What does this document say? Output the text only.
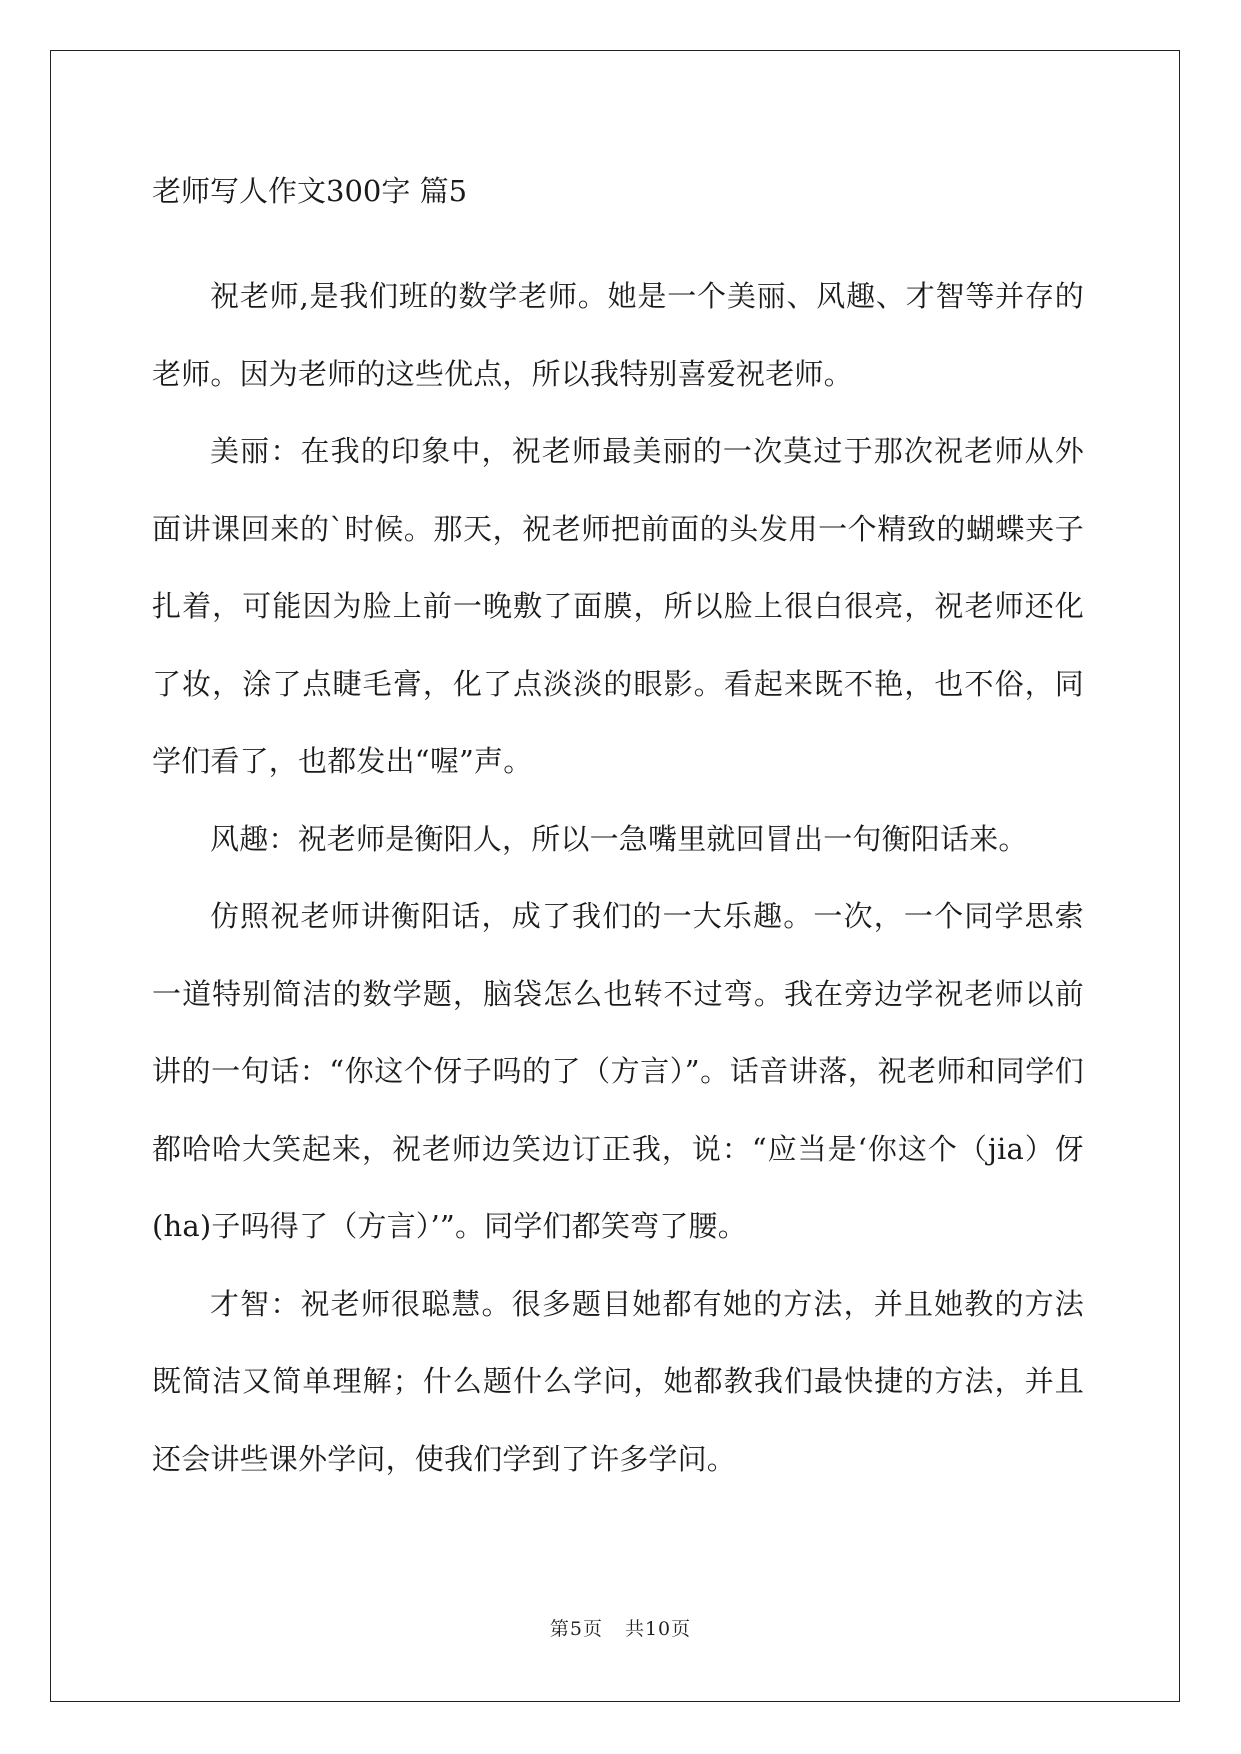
老师写人作文300字 篇5

祝老师,是我们班的数学老师。她是一个美丽、风趣、才智等并存的老师。因为老师的这些优点，所以我特别喜爱祝老师。

美丽：在我的印象中，祝老师最美丽的一次莫过于那次祝老师从外面讲课回来的`时候。那天，祝老师把前面的头发用一个精致的蝴蝶夹子扎着，可能因为脸上前一晚敷了面膜，所以脸上很白很亮，祝老师还化了妆，涂了点睫毛膏，化了点淡淡的眼影。看起来既不艳，也不俗，同学们看了，也都发出“喔”声。

风趣：祝老师是衡阳人，所以一急嘴里就回冒出一句衡阳话来。

仿照祝老师讲衡阳话，成了我们的一大乐趣。一次，一个同学思索一道特别简洁的数学题，脑袋怎么也转不过弯。我在旁边学祝老师以前讲的一句话：“你这个伢子吗的了（方言）”。话音讲落，祝老师和同学们都哈哈大笑起来，祝老师边笑边订正我，说：“应当是‘你这个（jia）伢(ha)子吗得了（方言）’”。同学们都笑弯了腰。

才智：祝老师很聪慧。很多题目她都有她的方法，并且她教的方法既简洁又简单理解；什么题什么学问，她都教我们最快捷的方法，并且还会讲些课外学问，使我们学到了许多学问。

第5页 共10页
